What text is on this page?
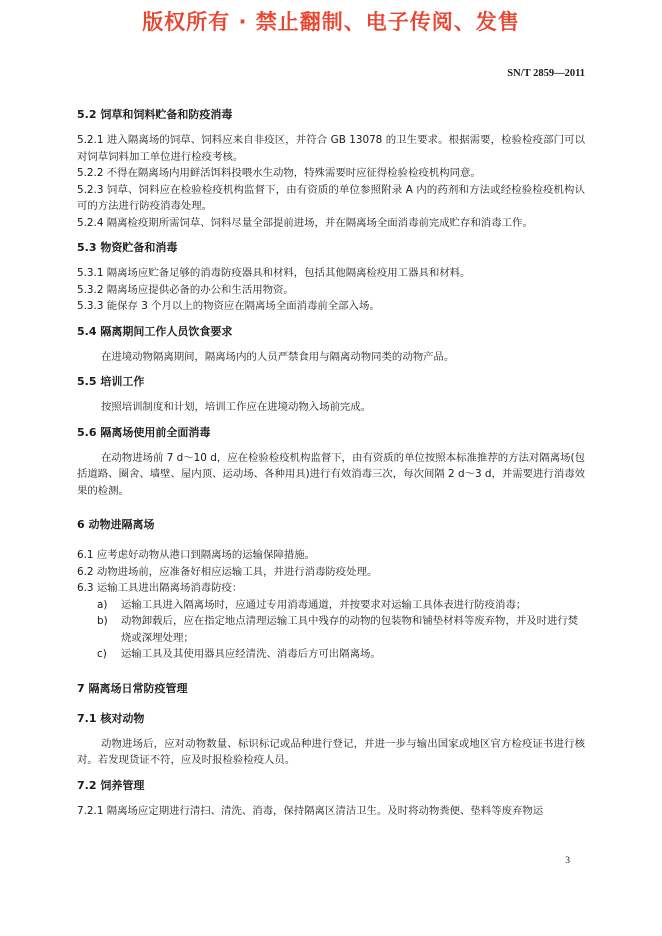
版权所有 · 禁止翻制、电子传阅、发售
SN/T 2859—2011

5.2 饲草和饲料贮备和防疫消毒

5.2.1 进入隔离场的饲草、饲料应来自非疫区，并符合 GB 13078 的卫生要求。根据需要，检验检疫部门可以对饲草饲料加工单位进行检疫考核。

5.2.2 不得在隔离场内用鲜活饵料投喂水生动物，特殊需要时应征得检验检疫机构同意。

5.2.3 饲草、饲料应在检验检疫机构监督下，由有资质的单位参照附录 A 内的药剂和方法或经检验检疫机构认可的方法进行防疫消毒处理。

5.2.4 隔离检疫期所需饲草、饲料尽量全部提前进场，并在隔离场全面消毒前完成贮存和消毒工作。

5.3 物资贮备和消毒

5.3.1 隔离场应贮备足够的消毒防疫器具和材料，包括其他隔离检疫用工器具和材料。

5.3.2 隔离场应提供必备的办公和生活用物资。

5.3.3 能保存 3 个月以上的物资应在隔离场全面消毒前全部入场。

5.4 隔离期间工作人员饮食要求

在进境动物隔离期间，隔离场内的人员严禁食用与隔离动物同类的动物产品。

5.5 培训工作

按照培训制度和计划，培训工作应在进境动物入场前完成。

5.6 隔离场使用前全面消毒

在动物进场前 7 d～10 d，应在检验检疫机构监督下，由有资质的单位按照本标准推荐的方法对隔离场(包括道路、圈舍、墙壁、屋内顶、运动场、各种用具)进行有效消毒三次，每次间隔 2 d～3 d，并需要进行消毒效果的检测。

6 动物进隔离场

6.1 应考虑好动物从港口到隔离场的运输保障措施。

6.2 动物进场前，应准备好相应运输工具，并进行消毒防疫处理。

6.3 运输工具进出隔离场消毒防疫：

a) 运输工具进入隔离场时，应通过专用消毒通道，并按要求对运输工具体表进行防疫消毒；

b) 动物卸载后，应在指定地点清理运输工具中残存的动物的包装物和铺垫材料等废弃物，并及时进行焚烧或深埋处理；

c) 运输工具及其使用器具应经清洗、消毒后方可出隔离场。

7 隔离场日常防疫管理

7.1 核对动物

动物进场后，应对动物数量、标识标记或品种进行登记，并进一步与输出国家或地区官方检疫证书进行核对。若发现货证不符，应及时报检验检疫人员。

7.2 饲养管理

7.2.1 隔离场应定期进行清扫、清洗、消毒，保持隔离区清洁卫生。及时将动物粪便、垫料等废弃物运

3
